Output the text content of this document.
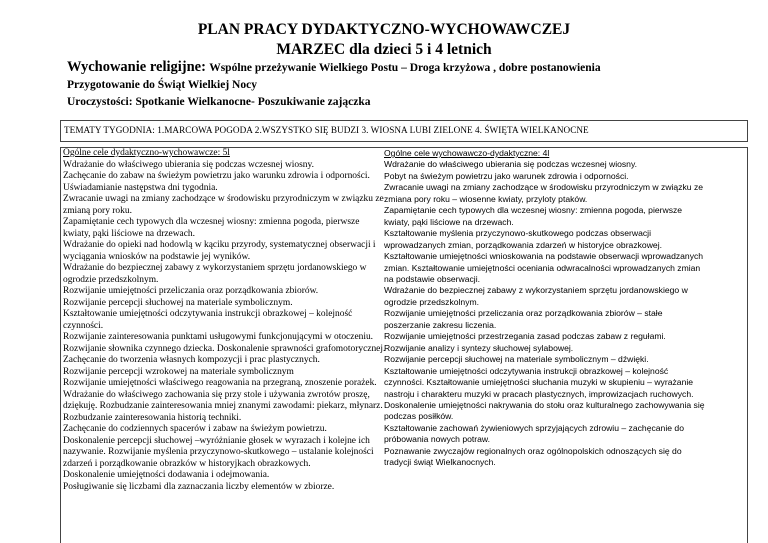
PLAN PRACY DYDAKTYCZNO-WYCHOWAWCZEJ
MARZEC dla dzieci 5 i 4 letnich
Wychowanie religijne: Wspólne przeżywanie Wielkiego Postu – Droga krzyżowa , dobre postanowienia
Przygotowanie do Świąt Wielkiej Nocy
Uroczystości: Spotkanie Wielkanocne- Poszukiwanie zajączka
TEMATY TYGODNIA: 1.MARCOWA POGODA 2.WSZYSTKO SIĘ BUDZI 3. WIOSNA LUBI ZIELONE 4. ŚWIĘTA WIELKANOCNE
Ogólne cele dydaktyczno-wychowawcze: 5l
Wdrażanie do właściwego ubierania się podczas wczesnej wiosny.
Zachęcanie do zabaw na świeżym powietrzu jako warunku zdrowia i odporności.
Uświadamianie następstwa dni tygodnia.
Zwracanie uwagi na zmiany zachodzące w środowisku przyrodniczym w związku ze
zmianą pory roku.
Zapamiętanie cech typowych dla wczesnej wiosny: zmienna pogoda, pierwsze
kwiaty, pąki liściowe na drzewach.
Wdrażanie do opieki nad hodowlą w kąciku przyrody, systematycznej obserwacji i
wyciągania wniosków na podstawie jej wyników.
Wdrażanie do bezpiecznej zabawy z wykorzystaniem sprzętu jordanowskiego w
ogrodzie przedszkolnym.
Rozwijanie umiejętności przeliczania oraz porządkowania zbiorów.
Rozwijanie percepcji słuchowej na materiale symbolicznym.
Kształtowanie umiejętności odczytywania instrukcji obrazkowej – kolejność
czynności.
Rozwijanie zainteresowania punktami usługowymi funkcjonującymi w otoczeniu.
Rozwijanie słownika czynnego dziecka. Doskonalenie sprawności grafomotorycznej.
Zachęcanie do tworzenia własnych kompozycji i prac plastycznych.
Rozwijanie percepcji wzrokowej na materiale symbolicznym
Rozwijanie umiejętności właściwego reagowania na przegraną, znoszenie porażek.
Wdrażanie do właściwego zachowania się przy stole i używania zwrotów proszę,
dziękuję. Rozbudzanie zainteresowania mniej znanymi zawodami: piekarz, młynarz.
Rozbudzanie zainteresowania historią techniki.
Zachęcanie do codziennych spacerów i zabaw na świeżym powietrzu.
Doskonalenie percepcji słuchowej –wyróżnianie głosek w wyrazach i kolejne ich
nazywanie. Rozwijanie myślenia przyczynowo-skutkowego – ustalanie kolejności
zdarzeń i porządkowanie obrazków w historyjkach obrazkowych.
Doskonalenie umiejętności dodawania i odejmowania.
Posługiwanie się liczbami dla zaznaczania liczby elementów w zbiorze.
Ogólne cele wychowawczo-dydaktyczne: 4l
Wdrażanie do właściwego ubierania się podczas wczesnej wiosny.
Pobyt na świeżym powietrzu jako warunek zdrowia i odporności.
Zwracanie uwagi na zmiany zachodzące w środowisku przyrodniczym w związku ze
zmiana pory roku – wiosenne kwiaty, przyloty ptaków.
Zapamiętanie cech typowych dla wczesnej wiosny: zmienna pogoda, pierwsze
kwiaty, pąki liściowe na drzewach.
Kształtowanie myślenia przyczynowo-skutkowego podczas obserwacji
wprowadzanych zmian, porządkowania zdarzeń w historyjce obrazkowej.
Kształtowanie umiejętności wnioskowania na podstawie obserwacji wprowadzanych
zmian. Kształtowanie umiejętności oceniania odwracalności wprowadzanych zmian
na podstawie obserwacji.
Wdrażanie do bezpiecznej zabawy z wykorzystaniem sprzętu jordanowskiego w
ogrodzie przedszkolnym.
Rozwijanie umiejętności przeliczania oraz porządkowania zbiorów – stałe
poszerzanie zakresu liczenia.
Rozwijanie umiejętności przestrzegania zasad podczas zabaw z regułami.
Rozwijanie analizy i syntezy słuchowej sylabowej.
Rozwijanie percepcji słuchowej na materiale symbolicznym – dźwięki.
Kształtowanie umiejętności odczytywania instrukcji obrazkowej – kolejność
czynności. Kształtowanie umiejętności słuchania muzyki w skupieniu – wyrażanie
nastroju i charakteru muzyki w pracach plastycznych, improwizacjach ruchowych.
Doskonalenie umiejętności nakrywania do stołu oraz kulturalnego zachowywania się
podczas posiłków.
Kształtowanie zachowań żywieniowych sprzyjających zdrowiu – zachęcanie do
próbowania nowych potraw.
Poznawanie zwyczajów regionalnych oraz ogólnopolskich odnoszących się do
tradycji świąt Wielkanocnych.
